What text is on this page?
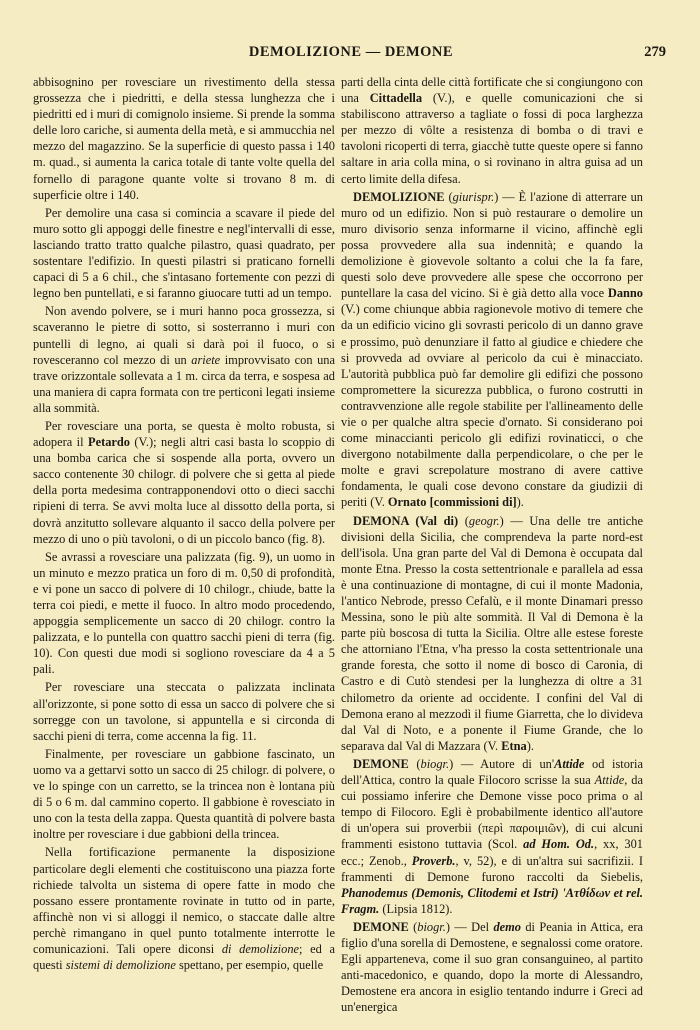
DEMOLIZIONE — DEMONE	279

abbisognino per rovesciare un rivestimento della stessa grossezza che i piedritti, e della stessa lunghezza che i piedritti ed i muri di comignolo insieme. Si prende la somma delle loro cariche, si aumenta della metà, e si ammucchia nel mezzo del magazzino. Se la superficie di questo passa i 140 m. quad., si aumenta la carica totale di tante volte quella del fornello di paragone quante volte si trovano 8 m. di superficie oltre i 140.

Per demolire una casa si comincia a scavare il piede del muro sotto gli appoggi delle finestre e negl'intervalli di esse, lasciando tratto tratto qualche pilastro, quasi quadrato, per sostentare l'edifizio. In questi pilastri si praticano fornelli capaci di 5 a 6 chil., che s'intasano fortemente con pezzi di legno ben puntellati, e si faranno giuocare tutti ad un tempo.

Non avendo polvere, se i muri hanno poca grossezza, si scaveranno le pietre di sotto, si sosterranno i muri con puntelli di legno, ai quali si darà poi il fuoco, o si rovesceranno col mezzo di un ariete improvvisato con una trave orizzontale sollevata a 1 m. circa da terra, e sospesa ad una maniera di capra formata con tre perticoni legati insieme alla sommità.

Per rovesciare una porta, se questa è molto robusta, si adopera il Petardo (V.); negli altri casi basta lo scoppio di una bomba carica che si sospende alla porta, ovvero un sacco contenente 30 chilogr. di polvere che si getta al piede della porta medesima contrapponendovi otto o dieci sacchi ripieni di terra. Se avvi molta luce al dissotto della porta, si dovrà anzitutto sollevare alquanto il sacco della polvere per mezzo di uno o più tavoloni, o di un piccolo banco (fig. 8).

Se avrassi a rovesciare una palizzata (fig. 9), un uomo in un minuto e mezzo pratica un foro di m. 0,50 di profondità, e vi pone un sacco di polvere di 10 chilogr., chiude, batte la terra coi piedi, e mette il fuoco. In altro modo procedendo, appoggia semplicemente un sacco di 20 chilogr. contro la palizzata, e lo puntella con quattro sacchi pieni di terra (fig. 10). Con questi due modi si sogliono rovesciare da 4 a 5 pali.

Per rovesciare una steccata o palizzata inclinata all'orizzonte, si pone sotto di essa un sacco di polvere che si sorregge con un tavolone, si appuntella e si circonda di sacchi pieni di terra, come accenna la fig. 11.

Finalmente, per rovesciare un gabbione fascinato, un uomo va a gettarvi sotto un sacco di 25 chilogr. di polvere, o ve lo spinge con un carretto, se la trincea non è lontana più di 5 o 6 m. dal cammino coperto. Il gabbione è rovesciato in uno con la testa della zappa. Questa quantità di polvere basta inoltre per rovesciare i due gabbioni della trincea.

Nella fortificazione permanente la disposizione particolare degli elementi che costituiscono una piazza forte richiede talvolta un sistema di opere fatte in modo che possano essere prontamente rovinate in tutto od in parte, affinchè non vi si alloggi il nemico, o staccate dalle altre perchè rimangano in quel punto totalmente interrotte le comunicazioni. Tali opere diconsi di demolizione; ed a questi sistemi di demolizione spettano, per esempio, quelle

parti della cinta delle città fortificate che si congiungono con una Cittadella (V.), e quelle comunicazioni che si stabiliscono attraverso a tagliate o fossi di poca larghezza per mezzo di vôlte a resistenza di bomba o di travi e tavoloni ricoperti di terra, giacchè tutte queste opere si fanno saltare in aria colla mina, o si rovinano in altra guisa ad un certo limite della difesa.

DEMOLIZIONE (giurispr.) — È l'azione di atterrare un muro od un edifizio. Non si può restaurare o demolire un muro divisorio senza informarne il vicino, affinchè egli possa provvedere alla sua indennità; e quando la demolizione è giovevole soltanto a colui che la fa fare, questi solo deve provvedere alle spese che occorrono per puntellare la casa del vicino. Si è già detto alla voce Danno (V.) come chiunque abbia ragionevole motivo di temere che da un edificio vicino gli sovrasti pericolo di un danno grave e prossimo, può denunziare il fatto al giudice e chiedere che si provveda ad ovviare al pericolo da cui è minacciato. L'autorità pubblica può far demolire gli edifizi che possono compromettere la sicurezza pubblica, o furono costrutti in contravvenzione alle regole stabilite per l'allineamento delle vie o per qualche altra specie d'ornato. Si considerano poi come minaccianti pericolo gli edifizi rovinaticci, o che divergono notabilmente dalla perpendicolare, o che per le molte e gravi screpolature mostrano di avere cattive fondamenta, le quali cose devono constare da giudizii di periti (V. Ornato [commissioni di]).

DEMONA (Val di) (geogr.) — Una delle tre antiche divisioni della Sicilia, che comprendeva la parte nord-est dell'isola. Una gran parte del Val di Demona è occupata dal monte Etna. Presso la costa settentrionale e parallela ad essa è una continuazione di montagne, di cui il monte Madonia, l'antico Nebrode, presso Cefalù, e il monte Dinamari presso Messina, sono le più alte sommità. Il Val di Demona è la parte più boscosa di tutta la Sicilia. Oltre alle estese foreste che attorniano l'Etna, v'ha presso la costa settentrionale una grande foresta, che sotto il nome di bosco di Caronia, di Castro e di Cutò stendesi per la lunghezza di oltre a 31 chilometro da oriente ad occidente. I confini del Val di Demona erano al mezzodì il fiume Giarretta, che lo divideva dal Val di Noto, e a ponente il Fiume Grande, che lo separava dal Val di Mazzara (V. Etna).

DEMONE (biogr.) — Autore di un'Attide od istoria dell'Attica, contro la quale Filocoro scrisse la sua Attide, da cui possiamo inferire che Demone visse poco prima o al tempo di Filocoro. Egli è probabilmente identico all'autore di un'opera sui proverbii (περὶ παροιμιῶν), di cui alcuni frammenti esistono tuttavia (Scol. ad Hom. Od., xx, 301 ecc.; Zenob., Proverb., v, 52), e di un'altra sui sacrifizii. I frammenti di Demone furono raccolti da Siebelis, Phanodemus (Demonis, Clitodemi et Istri) 'Ατθίδων et rel. Fragm. (Lipsia 1812).

DEMONE (biogr.) — Del demo di Peania in Attica, era figlio d'una sorella di Demostene, e segnalossi come oratore. Egli apparteneva, come il suo gran consanguineo, al partito anti-macedonico, e quando, dopo la morte di Alessandro, Demostene era ancora in esiglio tentando indurre i Greci ad un'energica
